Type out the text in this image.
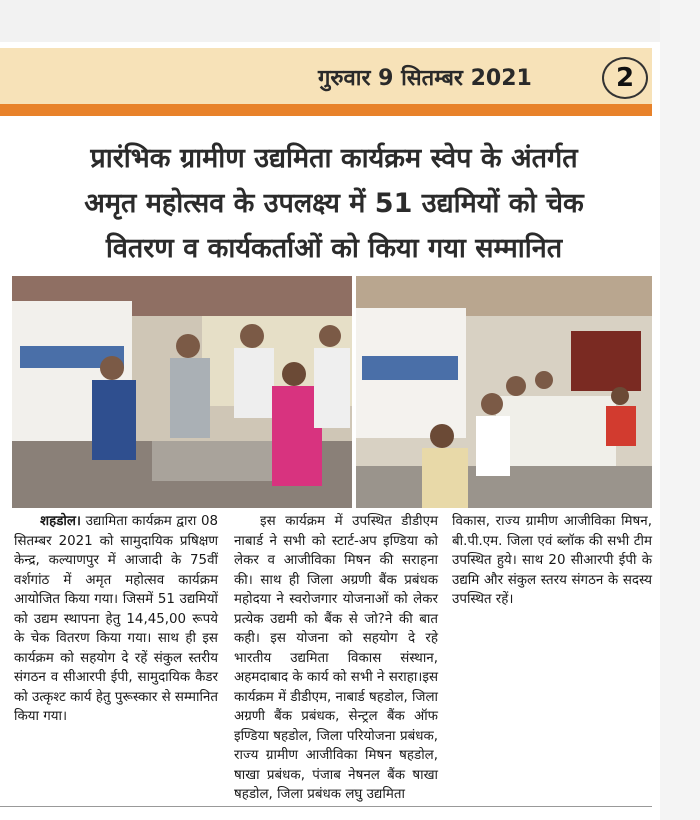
गुरुवार 9 सितम्बर 2021	2
प्रारंभिक ग्रामीण उद्यमिता कार्यक्रम स्वेप के अंतर्गत
अमृत महोत्सव के उपलक्ष्य में 51 उद्यमियों को चेक
वितरण व कार्यकर्ताओं को किया गया सम्मानित

शहडोल। उद्यामिता कार्यक्रम द्वारा 08 सितम्बर 2021 को सामुदायिक प्रषिक्षण केन्द्र, कल्याणपुर में आजादी के 75वीं वर्शगांठ में अमृत महोत्सव कार्यक्रम आयोजित किया गया। जिसमें 51 उद्यमियों को उद्यम स्थापना हेतु 14,45,00 रूपये के चेक वितरण किया गया। साथ ही इस कार्यक्रम को सहयोग दे रहें संकुल स्तरीय संगठन व सीआरपी ईपी, सामुदायिक कैडर को उत्कृश्ट कार्य हेतु पुरूस्कार से सम्मानित किया गया।

इस कार्यक्रम में उपस्थित डीडीएम नाबार्ड ने सभी को स्टार्ट-अप इण्डिया को लेकर व आजीविका मिषन की सराहना की। साथ ही जिला अग्रणी बैंक प्रबंधक महोदया ने स्वरोजगार योजनाओं को लेकर प्रत्येक उद्यमी को बैंक से जो?ने की बात कही। इस योजना को सहयोग दे रहे भारतीय उद्यमिता विकास संस्थान, अहमदाबाद के कार्य को सभी ने सराहा।इस कार्यक्रम में डीडीएम, नाबार्ड षहडोल, जिला अग्रणी बैंक प्रबंधक, सेन्ट्रल बैंक ऑफ इण्डिया षहडोल, जिला परियोजना प्रबंधक, राज्य ग्रामीण आजीविका मिषन षहडोल, षाखा प्रबंधक, पंजाब नेषनल बैंक षाखा षहडोल, जिला प्रबंधक लघु उद्यमिता

विकास, राज्य ग्रामीण आजीविका मिषन, बी.पी.एम. जिला एवं ब्लॉक की सभी टीम उपस्थित हुये। साथ 20 सीआरपी ईपी के उद्यमि और संकुल स्तरय संगठन के सदस्य उपस्थित रहें।
